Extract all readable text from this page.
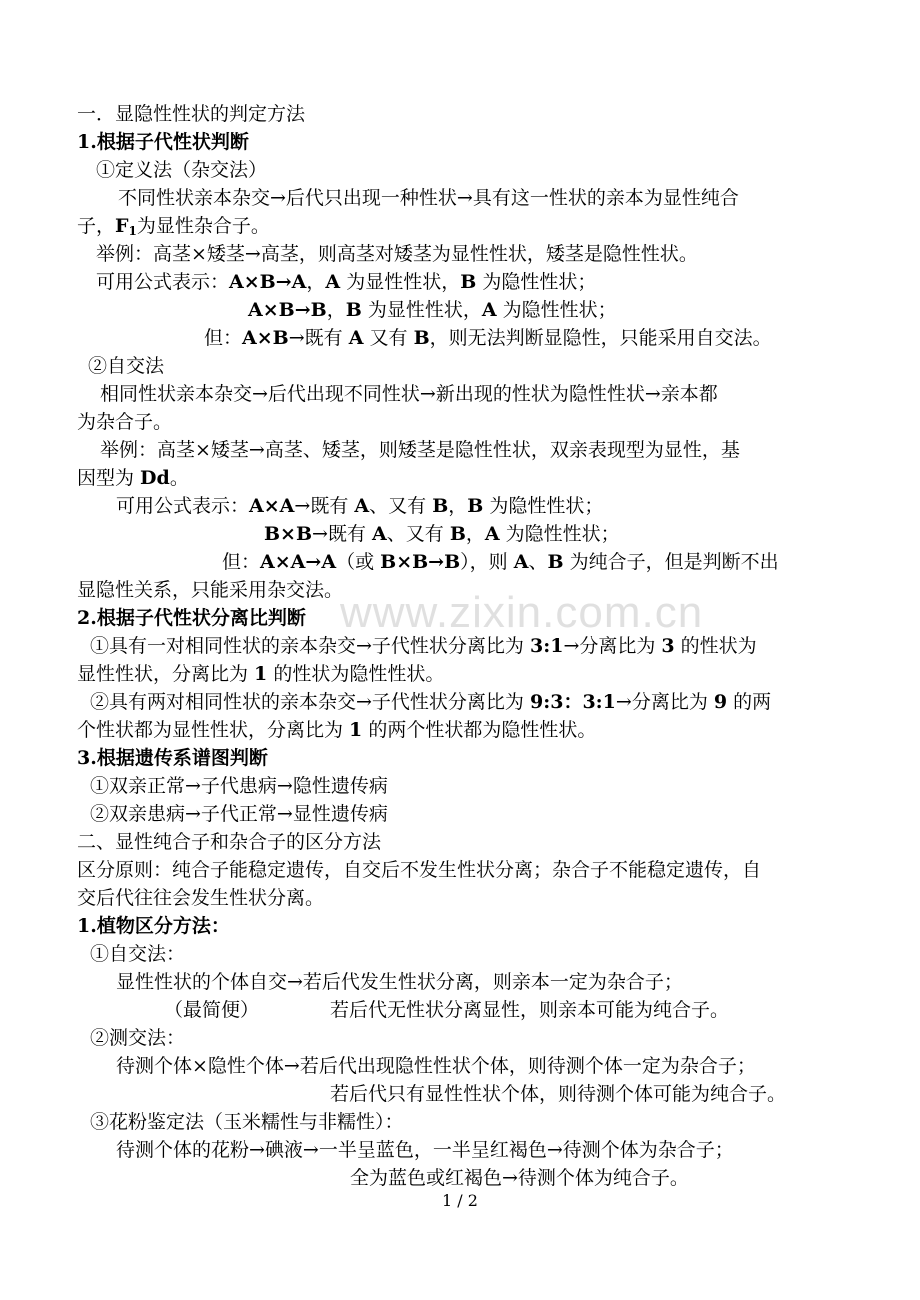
一．显隐性性状的判定方法
1.根据子代性状判断
①定义法（杂交法）
不同性状亲本杂交→后代只出现一种性状→具有这一性状的亲本为显性纯合
子，$F_1$为显性杂合子。
举例：高茎×矮茎→高茎，则高茎对矮茎为显性性状，矮茎是隐性性状。
可用公式表示：A×B→A，A 为显性性状，B 为隐性性状；
A×B→B，B 为显性性状，A 为隐性性状；
但：A×B→既有 A 又有 B，则无法判断显隐性，只能采用自交法。
②自交法
相同性状亲本杂交→后代出现不同性状→新出现的性状为隐性性状→亲本都
为杂合子。
举例：高茎×矮茎→高茎、矮茎，则矮茎是隐性性状，双亲表现型为显性，基
因型为 Dd。
可用公式表示：A×A→既有 A、又有 B，B 为隐性性状；
B×B→既有 A、又有 B，A 为隐性性状；
但：A×A→A（或 B×B→B），则 A、B 为纯合子，但是判断不出
显隐性关系，只能采用杂交法。
2.根据子代性状分离比判断
①具有一对相同性状的亲本杂交→子代性状分离比为 3:1→分离比为 3 的性状为
显性性状，分离比为 1 的性状为隐性性状。
②具有两对相同性状的亲本杂交→子代性状分离比为 9:3：3:1→分离比为 9 的两
个性状都为显性性状，分离比为 1 的两个性状都为隐性性状。
3.根据遗传系谱图判断
①双亲正常→子代患病→隐性遗传病
②双亲患病→子代正常→显性遗传病
二、显性纯合子和杂合子的区分方法
区分原则：纯合子能稳定遗传，自交后不发生性状分离；杂合子不能稳定遗传，自
交后代往往会发生性状分离。
1.植物区分方法：
①自交法：
显性性状的个体自交→若后代发生性状分离，则亲本一定为杂合子；
（最简便）	若后代无性状分离显性，则亲本可能为纯合子。
②测交法：
待测个体×隐性个体→若后代出现隐性性状个体，则待测个体一定为杂合子；
若后代只有显性性状个体，则待测个体可能为纯合子。
③花粉鉴定法（玉米糯性与非糯性）：
待测个体的花粉→碘液→一半呈蓝色，一半呈红褐色→待测个体为杂合子；
全为蓝色或红褐色→待测个体为纯合子。
www.zixin.com.cn
1 / 2
